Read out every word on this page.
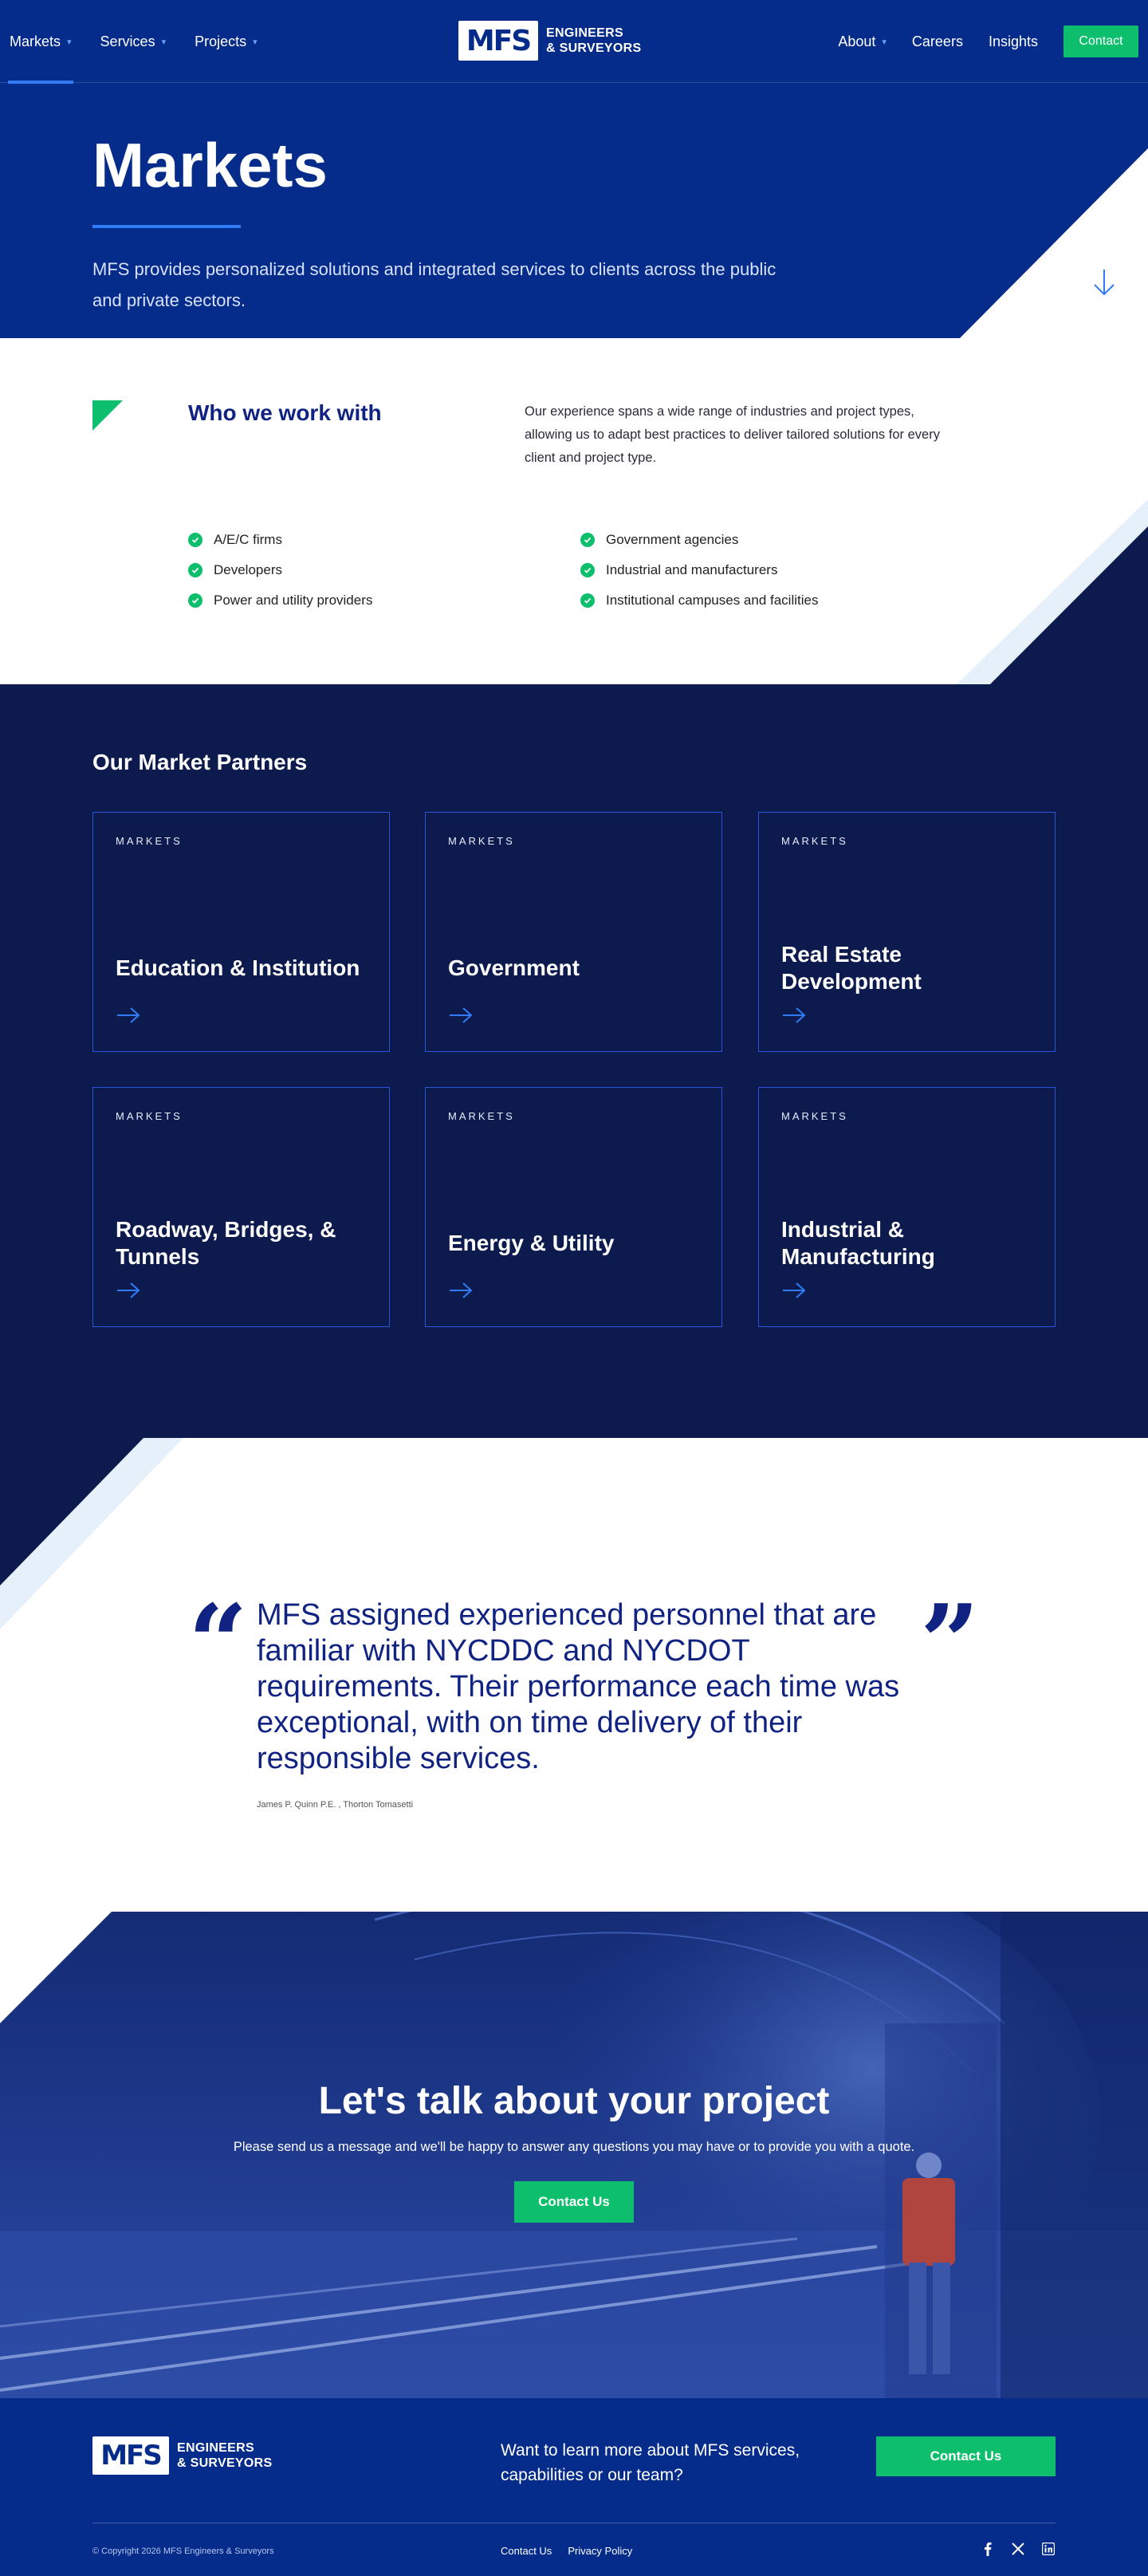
Markets ▾ Services ▾ Projects ▾	MFS ENGINEERS
& SURVEYORS	About ▾ Careers Insights	Contact
Markets

MFS provides personalized solutions and integrated services to clients across the public and private sectors.

Who we work with	Our experience spans a wide range of industries and project types, allowing us to adapt best practices to deliver tailored solutions for every client and project type.

A/E/C firms
Developers
Power and utility providers
Government agencies
Industrial and manufacturers
Institutional campuses and facilities
Our Market Partners
MARKETS
Education & Institution
MARKETS
Government
MARKETS
Real Estate Development
MARKETS
Roadway, Bridges, & Tunnels
MARKETS
Energy & Utility
MARKETS
Industrial & Manufacturing
“	”

MFS assigned experienced personnel that are familiar with NYCDDC and NYCDOT requirements. Their performance each time was exceptional, with on time delivery of their responsible services.

James P. Quinn P.E. , Thorton Tomasetti

Let's talk about your project

Please send us a message and we'll be happy to answer any questions you may have or to provide you with a quote.

Contact Us
MFS ENGINEERS
& SURVEYORS

Want to learn more about MFS services, capabilities or our team?

Contact Us

© Copyright 2026 MFS Engineers & Surveyors	Contact Us Privacy Policy
